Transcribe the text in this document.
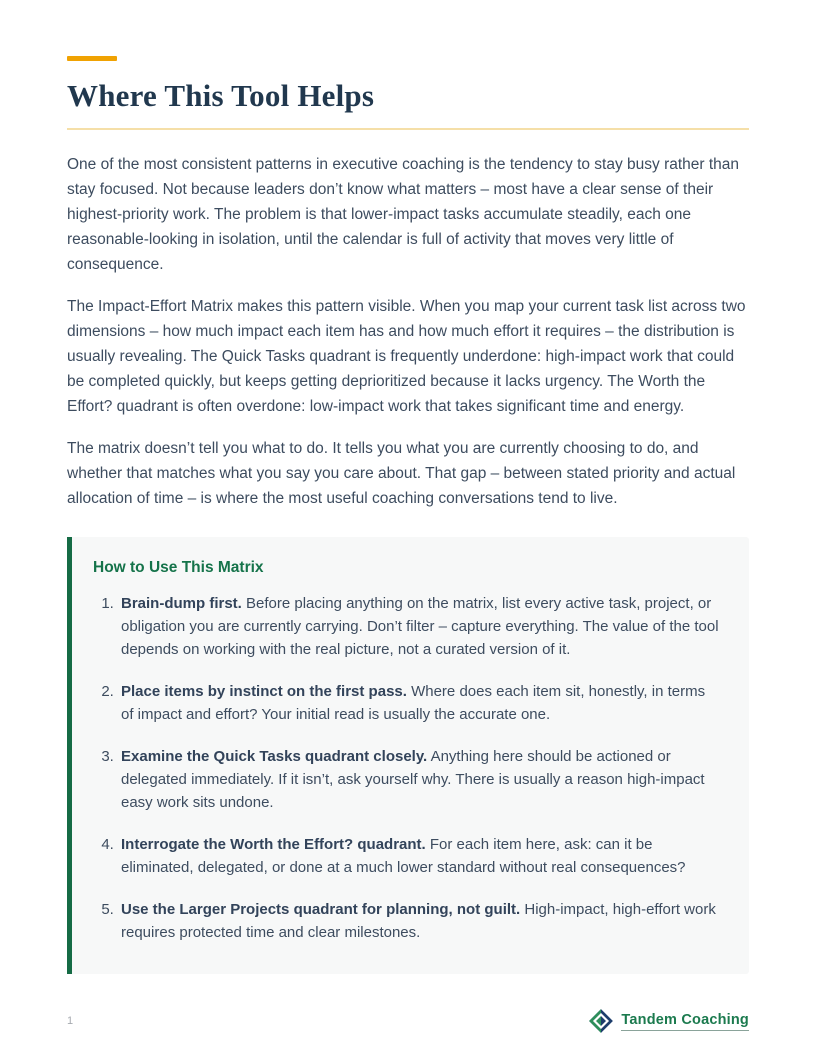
Where This Tool Helps

One of the most consistent patterns in executive coaching is the tendency to stay busy rather than stay focused. Not because leaders don’t know what matters – most have a clear sense of their highest-priority work. The problem is that lower-impact tasks accumulate steadily, each one reasonable-looking in isolation, until the calendar is full of activity that moves very little of consequence.

The Impact-Effort Matrix makes this pattern visible. When you map your current task list across two dimensions – how much impact each item has and how much effort it requires – the distribution is usually revealing. The Quick Tasks quadrant is frequently underdone: high-impact work that could be completed quickly, but keeps getting deprioritized because it lacks urgency. The Worth the Effort? quadrant is often overdone: low-impact work that takes significant time and energy.

The matrix doesn’t tell you what to do. It tells you what you are currently choosing to do, and whether that matches what you say you care about. That gap – between stated priority and actual allocation of time – is where the most useful coaching conversations tend to live.

How to Use This Matrix
1. Brain-dump first. Before placing anything on the matrix, list every active task, project, or obligation you are currently carrying. Don’t filter – capture everything. The value of the tool depends on working with the real picture, not a curated version of it.
2. Place items by instinct on the first pass. Where does each item sit, honestly, in terms of impact and effort? Your initial read is usually the accurate one.
3. Examine the Quick Tasks quadrant closely. Anything here should be actioned or delegated immediately. If it isn’t, ask yourself why. There is usually a reason high-impact easy work sits undone.
4. Interrogate the Worth the Effort? quadrant. For each item here, ask: can it be eliminated, delegated, or done at a much lower standard without real consequences?
5. Use the Larger Projects quadrant for planning, not guilt. High-impact, high-effort work requires protected time and clear milestones.
1	Tandem Coaching
